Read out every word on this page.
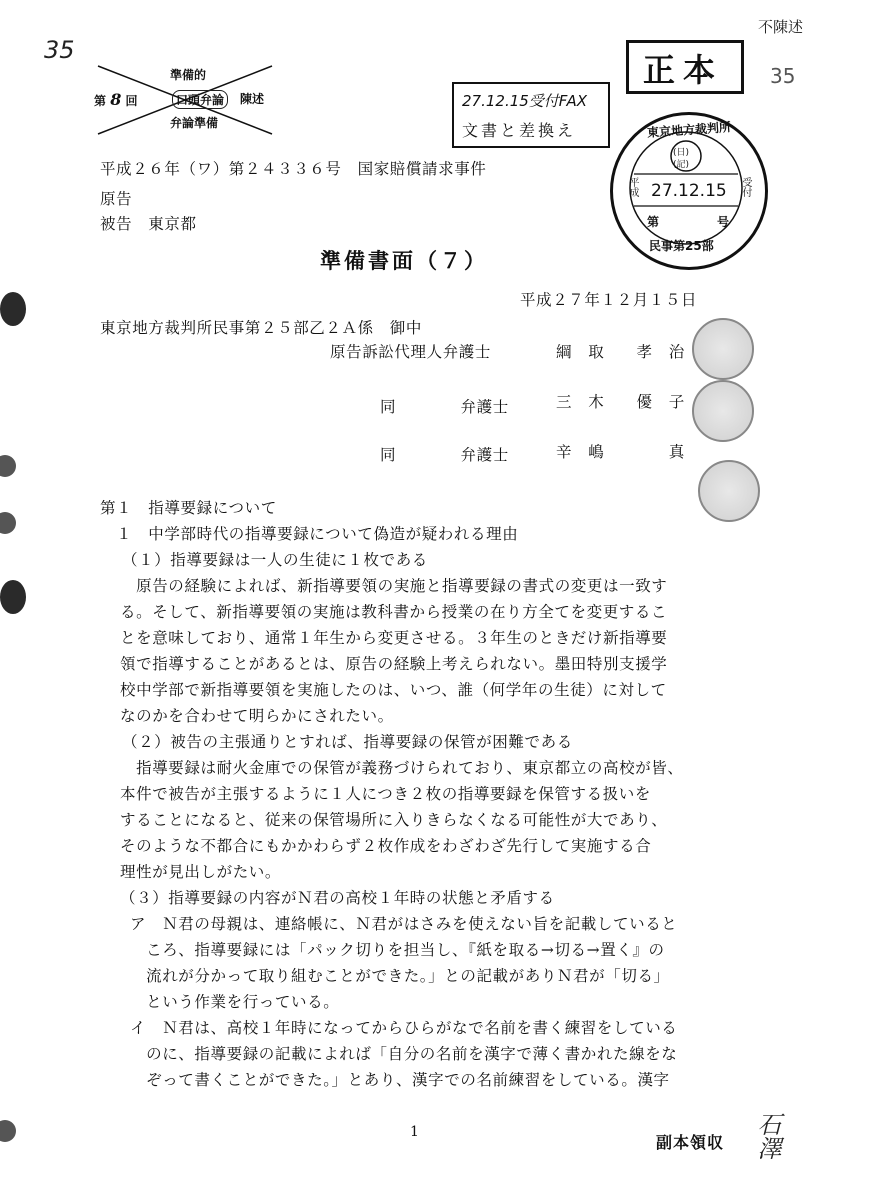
35
不陳述
35
石澤
第 8 回
準備的
口頭弁論
弁論準備
陳述	27.12.15受付FAX
文書と差換え
正本
東京地方裁判所
(日)
(記)
平成	受付
27.12.15
第	号
民事第25部
平成２６年（ワ）第２４３３６号　国家賠償請求事件
原告
被告　東京都
準備書面（７）
平成２７年１２月１５日
東京地方裁判所民事第２５部乙２Ａ係　御中
原告訴訟代理人弁護士	綱　取　　孝　治
同　　　　弁護士	三　木　　優　子
同　　　　弁護士	辛　嶋　　　　真
第１　指導要録について
　１　中学部時代の指導要録について偽造が疑われる理由
（１）指導要録は一人の生徒に１枚である
　原告の経験によれば、新指導要領の実施と指導要録の書式の変更は一致す
る。そして、新指導要領の実施は教科書から授業の在り方全てを変更するこ
とを意味しており、通常１年生から変更させる。３年生のときだけ新指導要
領で指導することがあるとは、原告の経験上考えられない。墨田特別支援学
校中学部で新指導要領を実施したのは、いつ、誰（何学年の生徒）に対して
なのかを合わせて明らかにされたい。
（２）被告の主張通りとすれば、指導要録の保管が困難である
　指導要録は耐火金庫での保管が義務づけられており、東京都立の高校が皆、
本件で被告が主張するように１人につき２枚の指導要録を保管する扱いを
することになると、従来の保管場所に入りきらなくなる可能性が大であり、
そのような不都合にもかかわらず２枚作成をわざわざ先行して実施する合
理性が見出しがたい。
（３）指導要録の内容がＮ君の高校１年時の状態と矛盾する
ア　Ｎ君の母親は、連絡帳に、Ｎ君がはさみを使えない旨を記載していると
　ころ、指導要録には「パック切りを担当し、『紙を取る→切る→置く』の
　流れが分かって取り組むことができた。」との記載がありＮ君が「切る」
　という作業を行っている。
イ　Ｎ君は、高校１年時になってからひらがなで名前を書く練習をしている
　のに、指導要録の記載によれば「自分の名前を漢字で薄く書かれた線をな
　ぞって書くことができた。」とあり、漢字での名前練習をしている。漢字
1
副本領収
